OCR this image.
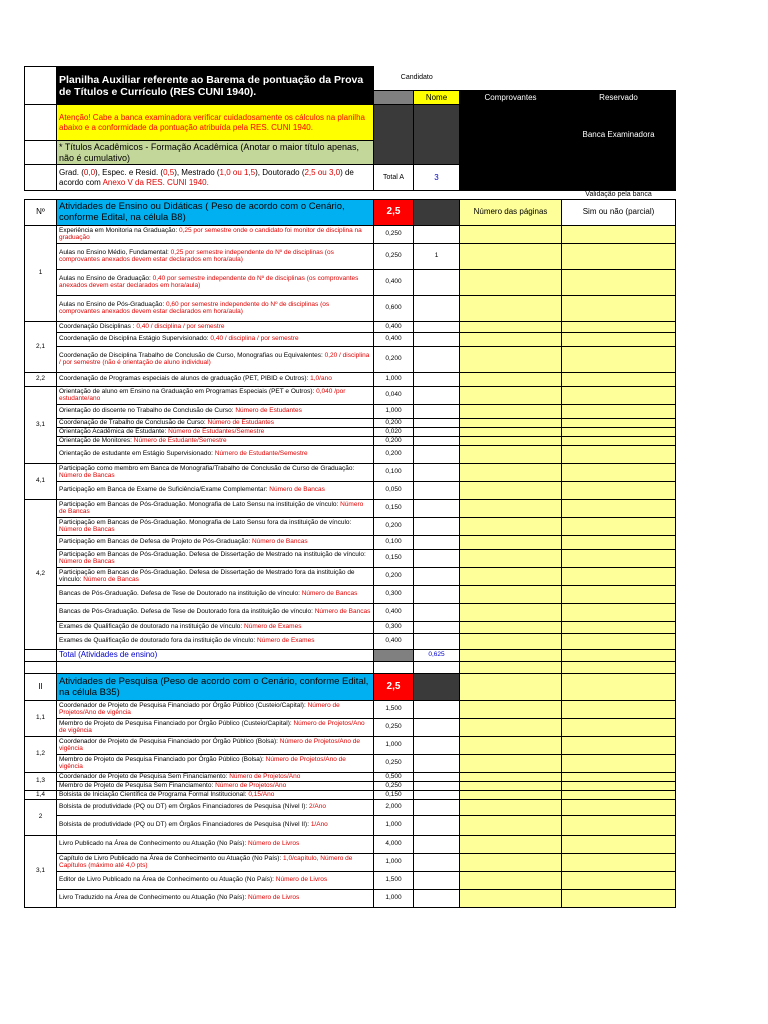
	Planilha Auxiliar referente ao Barema de pontuação da Prova de Títulos e Currículo (RES CUNI 1940).	Candidato			
			Nome	Comprovantes	Reservado
	Atenção! Cabe a banca examinadora verificar cuidadosamente os cálculos na planilha abaixo e a conformidade da pontuação atribuída pela RES. CUNI 1940.				Banca Examinadora
	* Títulos Acadêmicos - Formação Acadêmica (Anotar o maior título apenas, não é cumulativo)				
	Grad. (0,0), Espec. e Resid. (0,5), Mestrado (1,0 ou 1,5), Doutorado (2,5 ou 3,0) de acordo com Anexo V da RES. CUNI 1940.	Total A	3		
					Validação pela banca
Nº	Atividades de Ensino ou Didáticas ( Peso de acordo com o Cenário, conforme Edital, na célula B8)	2,5		Número das páginas	Sim ou não (parcial)
1	Experiência em Monitoria na Graduação: 0,25 por semestre onde o candidato foi monitor de disciplina na graduação	0,250			
	Aulas no Ensino Médio, Fundamental: 0,25 por semestre independente do Nº de disciplinas (os comprovantes anexados devem estar declarados em hora/aula)	0,250	1		
	Aulas no Ensino de Graduação: 0,40 por semestre independente do Nº de disciplinas (os comprovantes anexados devem estar declarados em hora/aula)	0,400			
	Aulas no Ensino de Pós-Graduação: 0,60 por semestre independente do Nº de disciplinas (os comprovantes anexados devem estar declarados em hora/aula)	0,600			
2,1	Coordenação Disciplinas : 0,40 / disciplina / por semestre	0,400			
	Coordenação de Disciplina Estágio Supervisionado: 0,40 / disciplina / por semestre	0,400			
	Coordenação de Disciplina Trabalho de Conclusão de Curso, Monografias ou Equivalentes: 0,20 / disciplina / por semestre (não é orientação de aluno individual)	0,200			
2,2	Coordenação de Programas especiais de alunos de graduação (PET, PIBID e Outros): 1,0/ano	1,000			
3,1	Orientação de aluno em Ensino na Graduação em Programas Especiais (PET e Outros): 0,040 /por estudante/ano	0,040			
	Orientação do discente no Trabalho de Conclusão de Curso: Número de Estudantes	1,000			
	Coordenação de Trabalho de Conclusão de Curso: Número de Estudantes	0,200			
	Orientação Acadêmica de Estudante: Número de Estudantes/Semestre	0,020			
	Orientação de Monitores: Número de Estudante/Semestre	0,200			
	Orientação de estudante em Estágio Supervisionado: Número de Estudante/Semestre	0,200			
4,1	Participação como membro em Banca de Monografia/Trabalho de Conclusão de Curso de Graduação: Número de Bancas	0,100			
	Participação em Banca de Exame de Suficiência/Exame Complementar: Número de Bancas	0,050			
4,2	Participação em Bancas de Pós-Graduação. Monografia de Lato Sensu na instituição de vínculo: Número de Bancas	0,150			
	Participação em Bancas de Pós-Graduação. Monografia de Lato Sensu fora da instituição de vínculo: Número de Bancas	0,200			
	Participação em Bancas de Defesa de Projeto de Pós-Graduação: Número de Bancas	0,100			
	Participação em Bancas de Pós-Graduação. Defesa de Dissertação de Mestrado na instituição de vínculo: Número de Bancas	0,150			
	Participação em Bancas de Pós-Graduação. Defesa de Dissertação de Mestrado fora da instituição de vínculo: Número de Bancas	0,200			
	Bancas de Pós-Graduação. Defesa de Tese de Doutorado na instituição de vínculo: Número de Bancas	0,300			
	Bancas de Pós-Graduação. Defesa de Tese de Doutorado fora da instituição de vínculo: Número de Bancas	0,400			
	Exames de Qualificação de doutorado na instituição de vínculo: Número de Exames	0,300			
	Exames de Qualificação de doutorado fora da instituição de vínculo: Número de Exames	0,400			
	Total (Atividades de ensino)		0,625		

II	Atividades de Pesquisa (Peso de acordo com o Cenário, conforme Edital, na célula B35)	2,5			
1,1	Coordenador de Projeto de Pesquisa Financiado por Órgão Público (Custeio/Capital): Número de Projetos/Ano de vigência	1,500			
	Membro de Projeto de Pesquisa Financiado por Órgão Público (Custeio/Capital): Número de Projetos/Ano de vigência	0,250			
1,2	Coordenador de Projeto de Pesquisa Financiado por Órgão Público (Bolsa): Número de Projetos/Ano de vigência	1,000			
	Membro de Projeto de Pesquisa Financiado por Órgão Público (Bolsa): Número de Projetos/Ano de vigência	0,250			
1,3	Coordenador de Projeto de Pesquisa Sem Financiamento: Número de Projetos/Ano	0,500			
	Membro de Projeto de Pesquisa Sem Financiamento: Número de Projetos/Ano	0,250			
1,4	Bolsista de Iniciação Científica de Programa Formal Institucional: 0,15/Ano	0,150			
2	Bolsista de produtividade (PQ ou DT) em Órgãos Financiadores de Pesquisa (Nível I): 2/Ano	2,000			
	Bolsista de produtividade (PQ ou DT) em Órgãos Financiadores de Pesquisa (Nível II): 1/Ano	1,000			
3,1	Livro Publicado na Área de Conhecimento ou Atuação (No País): Número de Livros	4,000			
	Capítulo de Livro Publicado na Área de Conhecimento ou Atuação (No País): 1,0/capítulo, Número de Capítulos (máximo até 4,0 pts)	1,000			
	Editor de Livro Publicado na Área de Conhecimento ou Atuação (No País): Número de Livros	1,500			
	Livro Traduzido na Área de Conhecimento ou Atuação (No País): Número de Livros	1,000			
